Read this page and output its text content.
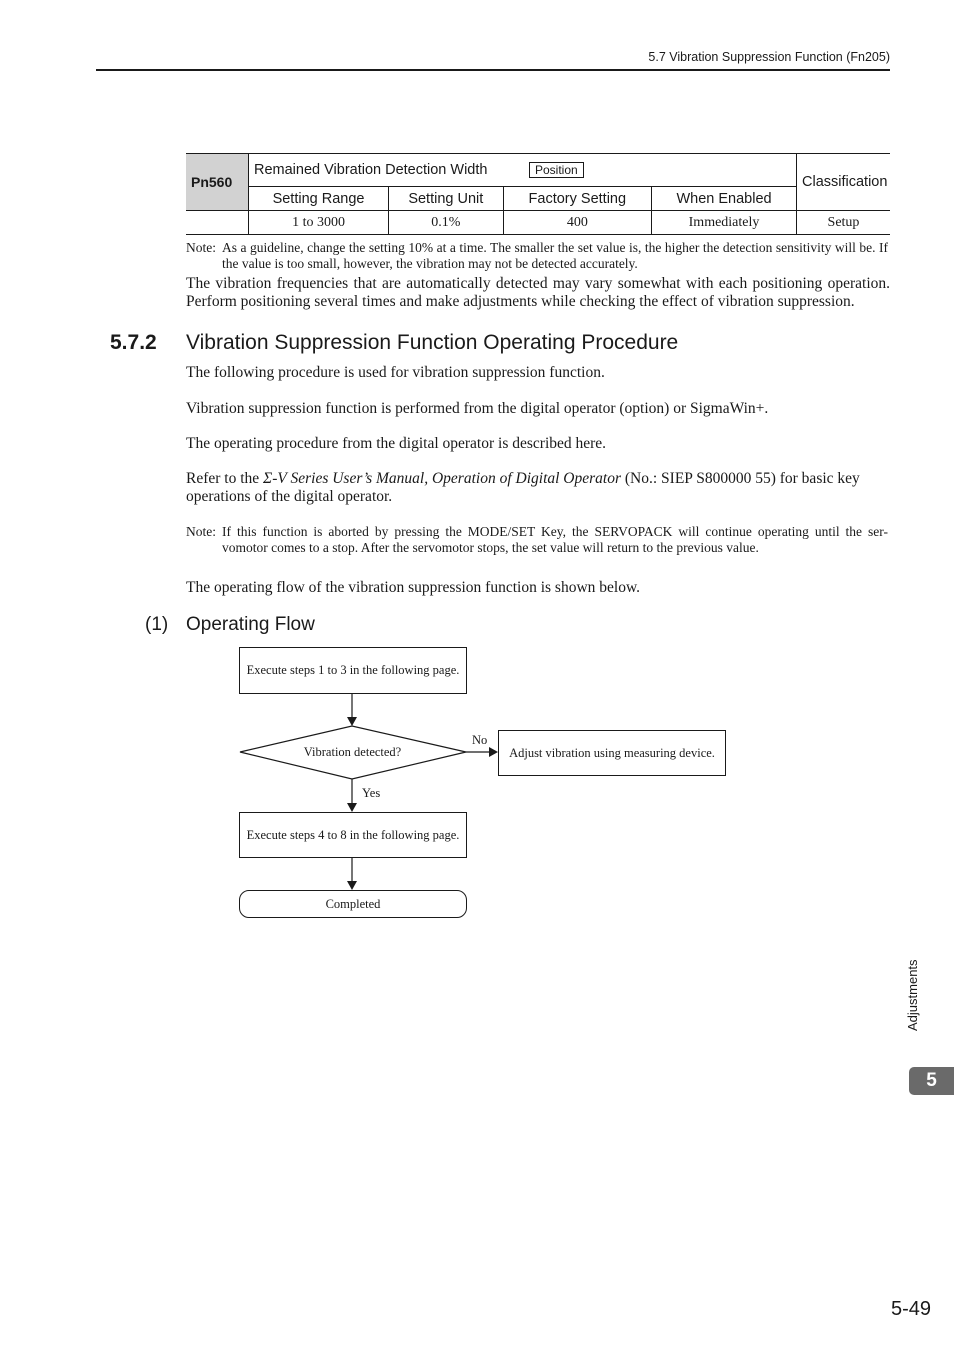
5.7 Vibration Suppression Function (Fn205)
Pn560	Remained Vibration Detection Width Position				Classification
	Setting Range	Setting Unit	Factory Setting	When Enabled	
	1 to 3000	0.1%	400	Immediately	Setup
Note: As a guideline, change the setting 10% at a time. The smaller the set value is, the higher the detection sensitivity will be. If the value is too small, however, the vibration may not be detected accurately.
The vibration frequencies that are automatically detected may vary somewhat with each positioning operation. Perform positioning several times and make adjustments while checking the effect of vibration suppression.
5.7.2 Vibration Suppression Function Operating Procedure
The following procedure is used for vibration suppression function.
Vibration suppression function is performed from the digital operator (option) or SigmaWin+.
The operating procedure from the digital operator is described here.
Refer to the Σ-V Series User’s Manual, Operation of Digital Operator (No.: SIEP S800000 55) for basic key operations of the digital operator.
Note: If this function is aborted by pressing the MODE/SET Key, the SERVOPACK will continue operating until the ser-vomotor comes to a stop. After the servomotor stops, the set value will return to the previous value.
The operating flow of the vibration suppression function is shown below.
(1) Operating Flow
Execute steps 1 to 3 in the following page.
Vibration detected?
No
Adjust vibration using measuring device.
Yes
Execute steps 4 to 8 in the following page.
Completed
Adjustments
5
5-49
